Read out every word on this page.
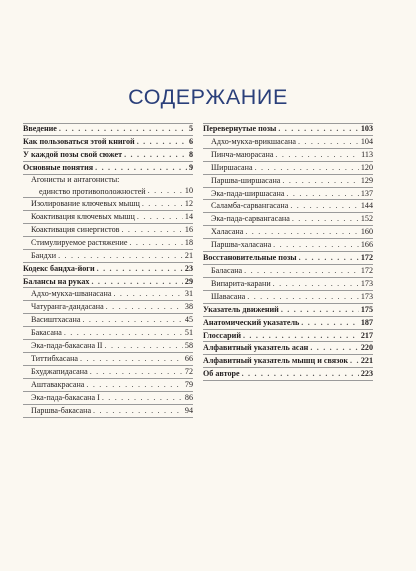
СОДЕРЖАНИЕ
Введение . . .	5
Как пользоваться этой книгой . . .	6
У каждой позы свой сюжет . . .	8
Основные понятия . . .	9
Агонисты и антагонисты:
единство противоположностей . . .	10
Изолирование ключевых мышц . . .	12
Коактивация ключевых мышц . . .	14
Коактивация синергистов . . .	16
Стимулируемое растяжение . . .	18
Бандхи . . .	21
Кодекс бандха-йоги . . .	23
Балансы на руках . . .	29
Адхо-мукха-шванасана . . .	31
Чатуранга-дандасана . . .	38
Васиштхасана . . .	45
Бакасана . . .	51
Эка-пада-бакасана II . . .	58
Титтибхасана . . .	66
Бхуджапидасана . . .	72
Аштавакрасана . . .	79
Эка-пада-бакасана I . . .	86
Паршва-бакасана . . .	94
Перевернутые позы . . .	103
Адхо-мукха-врикшасана . . .	104
Пинча-маюрасана . . .	113
Ширшасана . . .	120
Паршва-ширшасана . . .	129
Эка-пада-ширшасана . . .	137
Саламба-сарвангасана . . .	144
Эка-пада-сарвангасана . . .	152
Халасана . . .	160
Паршва-халасана . . .	166
Восстановительные позы . . .	172
Баласана . . .	172
Випарита-карани . . .	173
Шавасана . . .	173
Указатель движений . . .	175
Анатомический указатель . . .	187
Глоссарий . . .	217
Алфавитный указатель асан . . .	220
Алфавитный указатель мышц и связок . . . 221
Об авторе . . .	223
